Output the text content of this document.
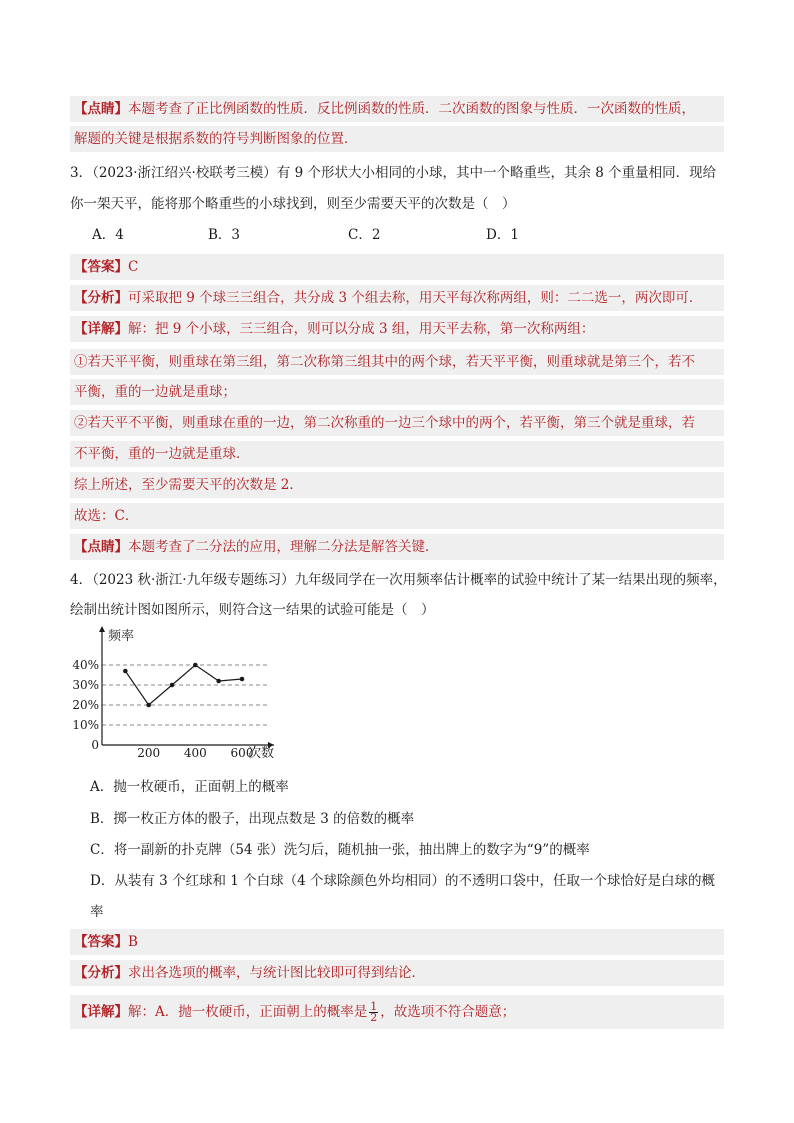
【点睛】本题考查了正比例函数的性质．反比例函数的性质．二次函数的图象与性质．一次函数的性质，
解题的关键是根据系数的符号判断图象的位置．
3．（2023·浙江绍兴·校联考三模）有 9 个形状大小相同的小球，其中一个略重些，其余 8 个重量相同．现给
你一架天平，能将那个略重些的小球找到，则至少需要天平的次数是（　）
A．4	B．3	C．2	D．1
【答案】C
【分析】可采取把 9 个球三三组合，共分成 3 个组去称，用天平每次称两组，则：二二选一，两次即可．
【详解】解：把 9 个小球，三三组合，则可以分成 3 组，用天平去称，第一次称两组：
①若天平平衡，则重球在第三组，第二次称第三组其中的两个球，若天平平衡，则重球就是第三个，若不
平衡，重的一边就是重球；
②若天平不平衡，则重球在重的一边，第二次称重的一边三个球中的两个，若平衡，第三个就是重球，若
不平衡，重的一边就是重球．
综上所述，至少需要天平的次数是 2．
故选：C．
【点睛】本题考查了二分法的应用，理解二分法是解答关键．
4．（2023 秋·浙江·九年级专题练习）九年级同学在一次用频率估计概率的试验中统计了某一结果出现的频率，
绘制出统计图如图所示，则符合这一结果的试验可能是（　）
0
10%
20%
30%
40%
200 400 600
频率
次数
A．抛一枚硬币，正面朝上的概率
B．掷一枚正方体的骰子，出现点数是 3 的倍数的概率
C．将一副新的扑克牌（54 张）洗匀后，随机抽一张，抽出牌上的数字为“9”的概率
D．从装有 3 个红球和 1 个白球（4 个球除颜色外均相同）的不透明口袋中，任取一个球恰好是白球的概
率
【答案】B
【分析】求出各选项的概率，与统计图比较即可得到结论．
【详解】解：A．抛一枚硬币，正面朝上的概率是 $\frac{1}{2}$ ，故选项不符合题意；
